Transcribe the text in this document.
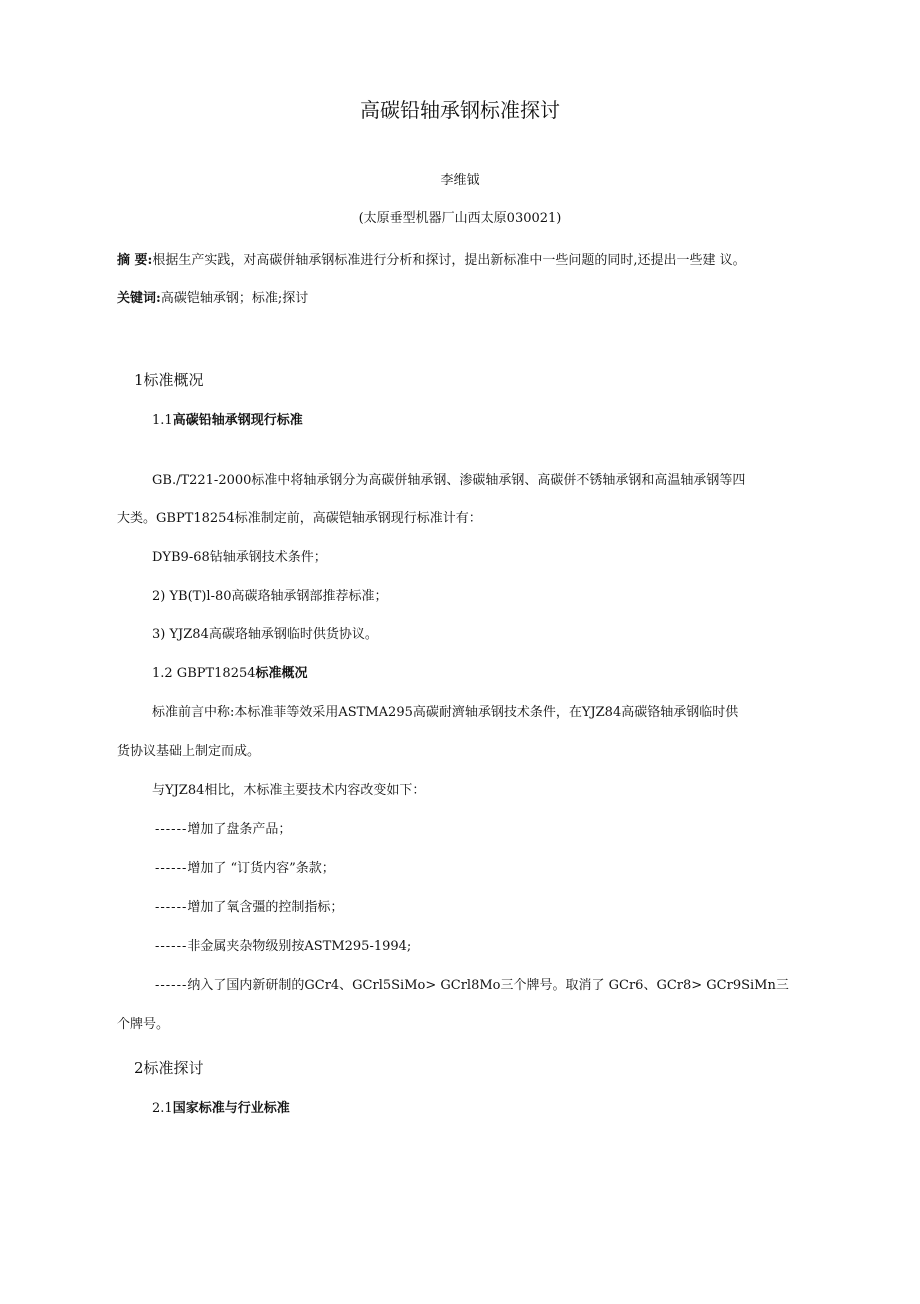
高碳铅轴承钢标准探讨
李维钺
(太原垂型机器厂山西太原030021)
摘 要:根据生产实践，对高碳併轴承钢标准进行分析和探讨，提出新标准中一些问题的同时,还提出一些建 议。
关键词:高碳铠轴承钢；标准;探讨
1标准概况
1.1高碳铅轴承钢现行标准
GB./T221-2000标准中将轴承钢分为高碳併轴承钢、渗碳轴承钢、高碳併不锈轴承钢和高温轴承钢等四
大类。GBPT18254标准制定前，高碳铠轴承钢现行标准计有：
DYB9-68钻轴承钢技术条件；
2) YB(T)l-80高碳珞轴承钢部推荐标准；
3) YJZ84高碳珞轴承钢临时供货协议。
1.2 GBPT18254标准概况
标准前言中称:本标准菲等效采用ASTMA295高碳耐濟轴承钢技术条件，在YJZ84高碳铬轴承钢临时供
货协议基础上制定而成。
与YJZ84相比，木标准主要技术内容改变如下：
------增加了盘条产品；
------增加了 “订货内容”条款；
------增加了氧含彊的控制指标；
------非金属夹杂物级别按ASTM295-1994;
------纳入了国内新研制的GCr4、GCrl5SiMo> GCrl8Mo三个牌号。取消了 GCr6、GCr8> GCr9SiMn三
个牌号。
2标准探讨
2.1国家标准与行业标准
